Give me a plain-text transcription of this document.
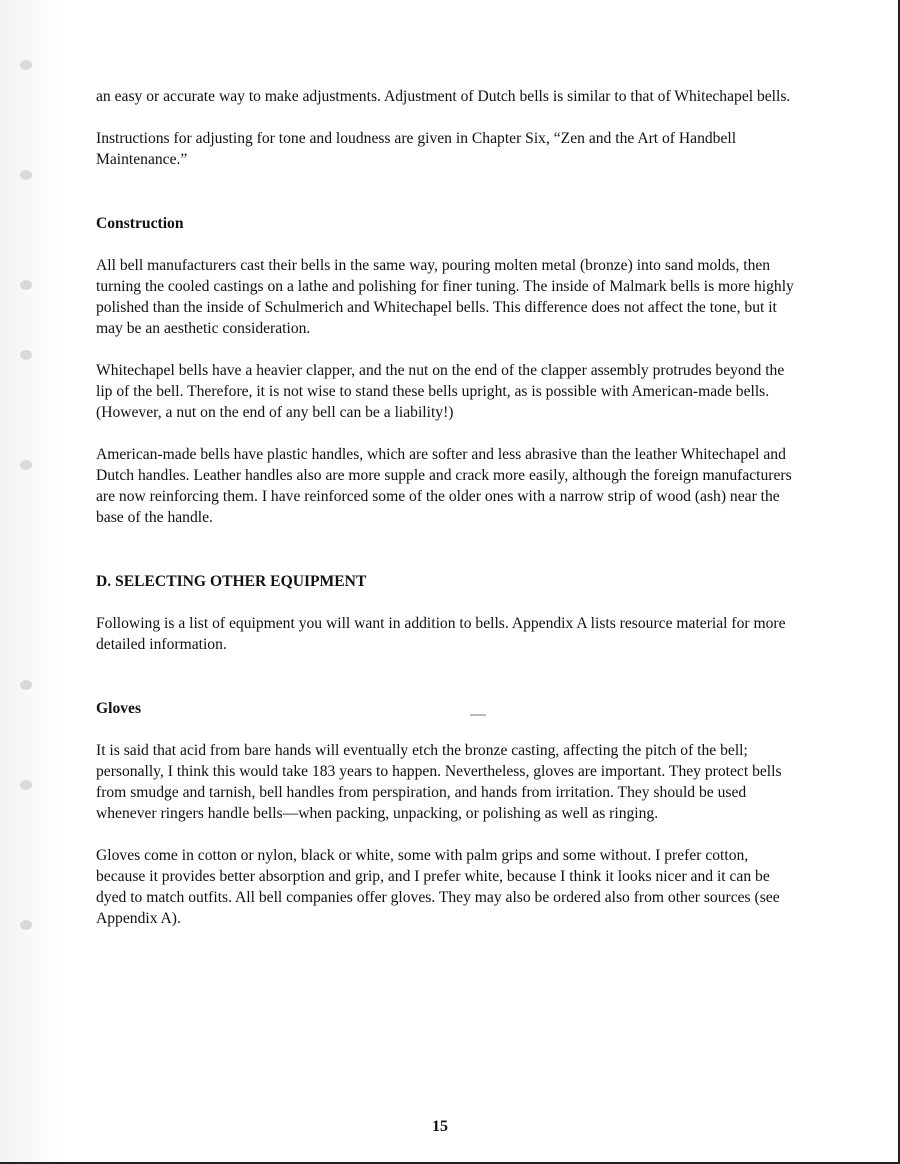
an easy or accurate way to make adjustments. Adjustment of Dutch bells is similar to that of Whitechapel bells.

Instructions for adjusting for tone and loudness are given in Chapter Six, “Zen and the Art of Handbell Maintenance.”

Construction

All bell manufacturers cast their bells in the same way, pouring molten metal (bronze) into sand molds, then turning the cooled castings on a lathe and polishing for finer tuning. The inside of Malmark bells is more highly polished than the inside of Schulmerich and Whitechapel bells. This difference does not affect the tone, but it may be an aesthetic consideration.

Whitechapel bells have a heavier clapper, and the nut on the end of the clapper assembly protrudes beyond the lip of the bell. Therefore, it is not wise to stand these bells upright, as is possible with American-made bells. (However, a nut on the end of any bell can be a liability!)

American-made bells have plastic handles, which are softer and less abrasive than the leather Whitechapel and Dutch handles. Leather handles also are more supple and crack more easily, although the foreign manufacturers are now reinforcing them. I have reinforced some of the older ones with a narrow strip of wood (ash) near the base of the handle.

D. SELECTING OTHER EQUIPMENT

Following is a list of equipment you will want in addition to bells. Appendix A lists resource material for more detailed information.

Gloves

It is said that acid from bare hands will eventually etch the bronze casting, affecting the pitch of the bell; personally, I think this would take 183 years to happen. Nevertheless, gloves are important. They protect bells from smudge and tarnish, bell handles from perspiration, and hands from irritation. They should be used whenever ringers handle bells—when packing, unpacking, or polishing as well as ringing.

Gloves come in cotton or nylon, black or white, some with palm grips and some without. I prefer cotton, because it provides better absorption and grip, and I prefer white, because I think it looks nicer and it can be dyed to match outfits. All bell companies offer gloves. They may also be ordered also from other sources (see Appendix A).

15
